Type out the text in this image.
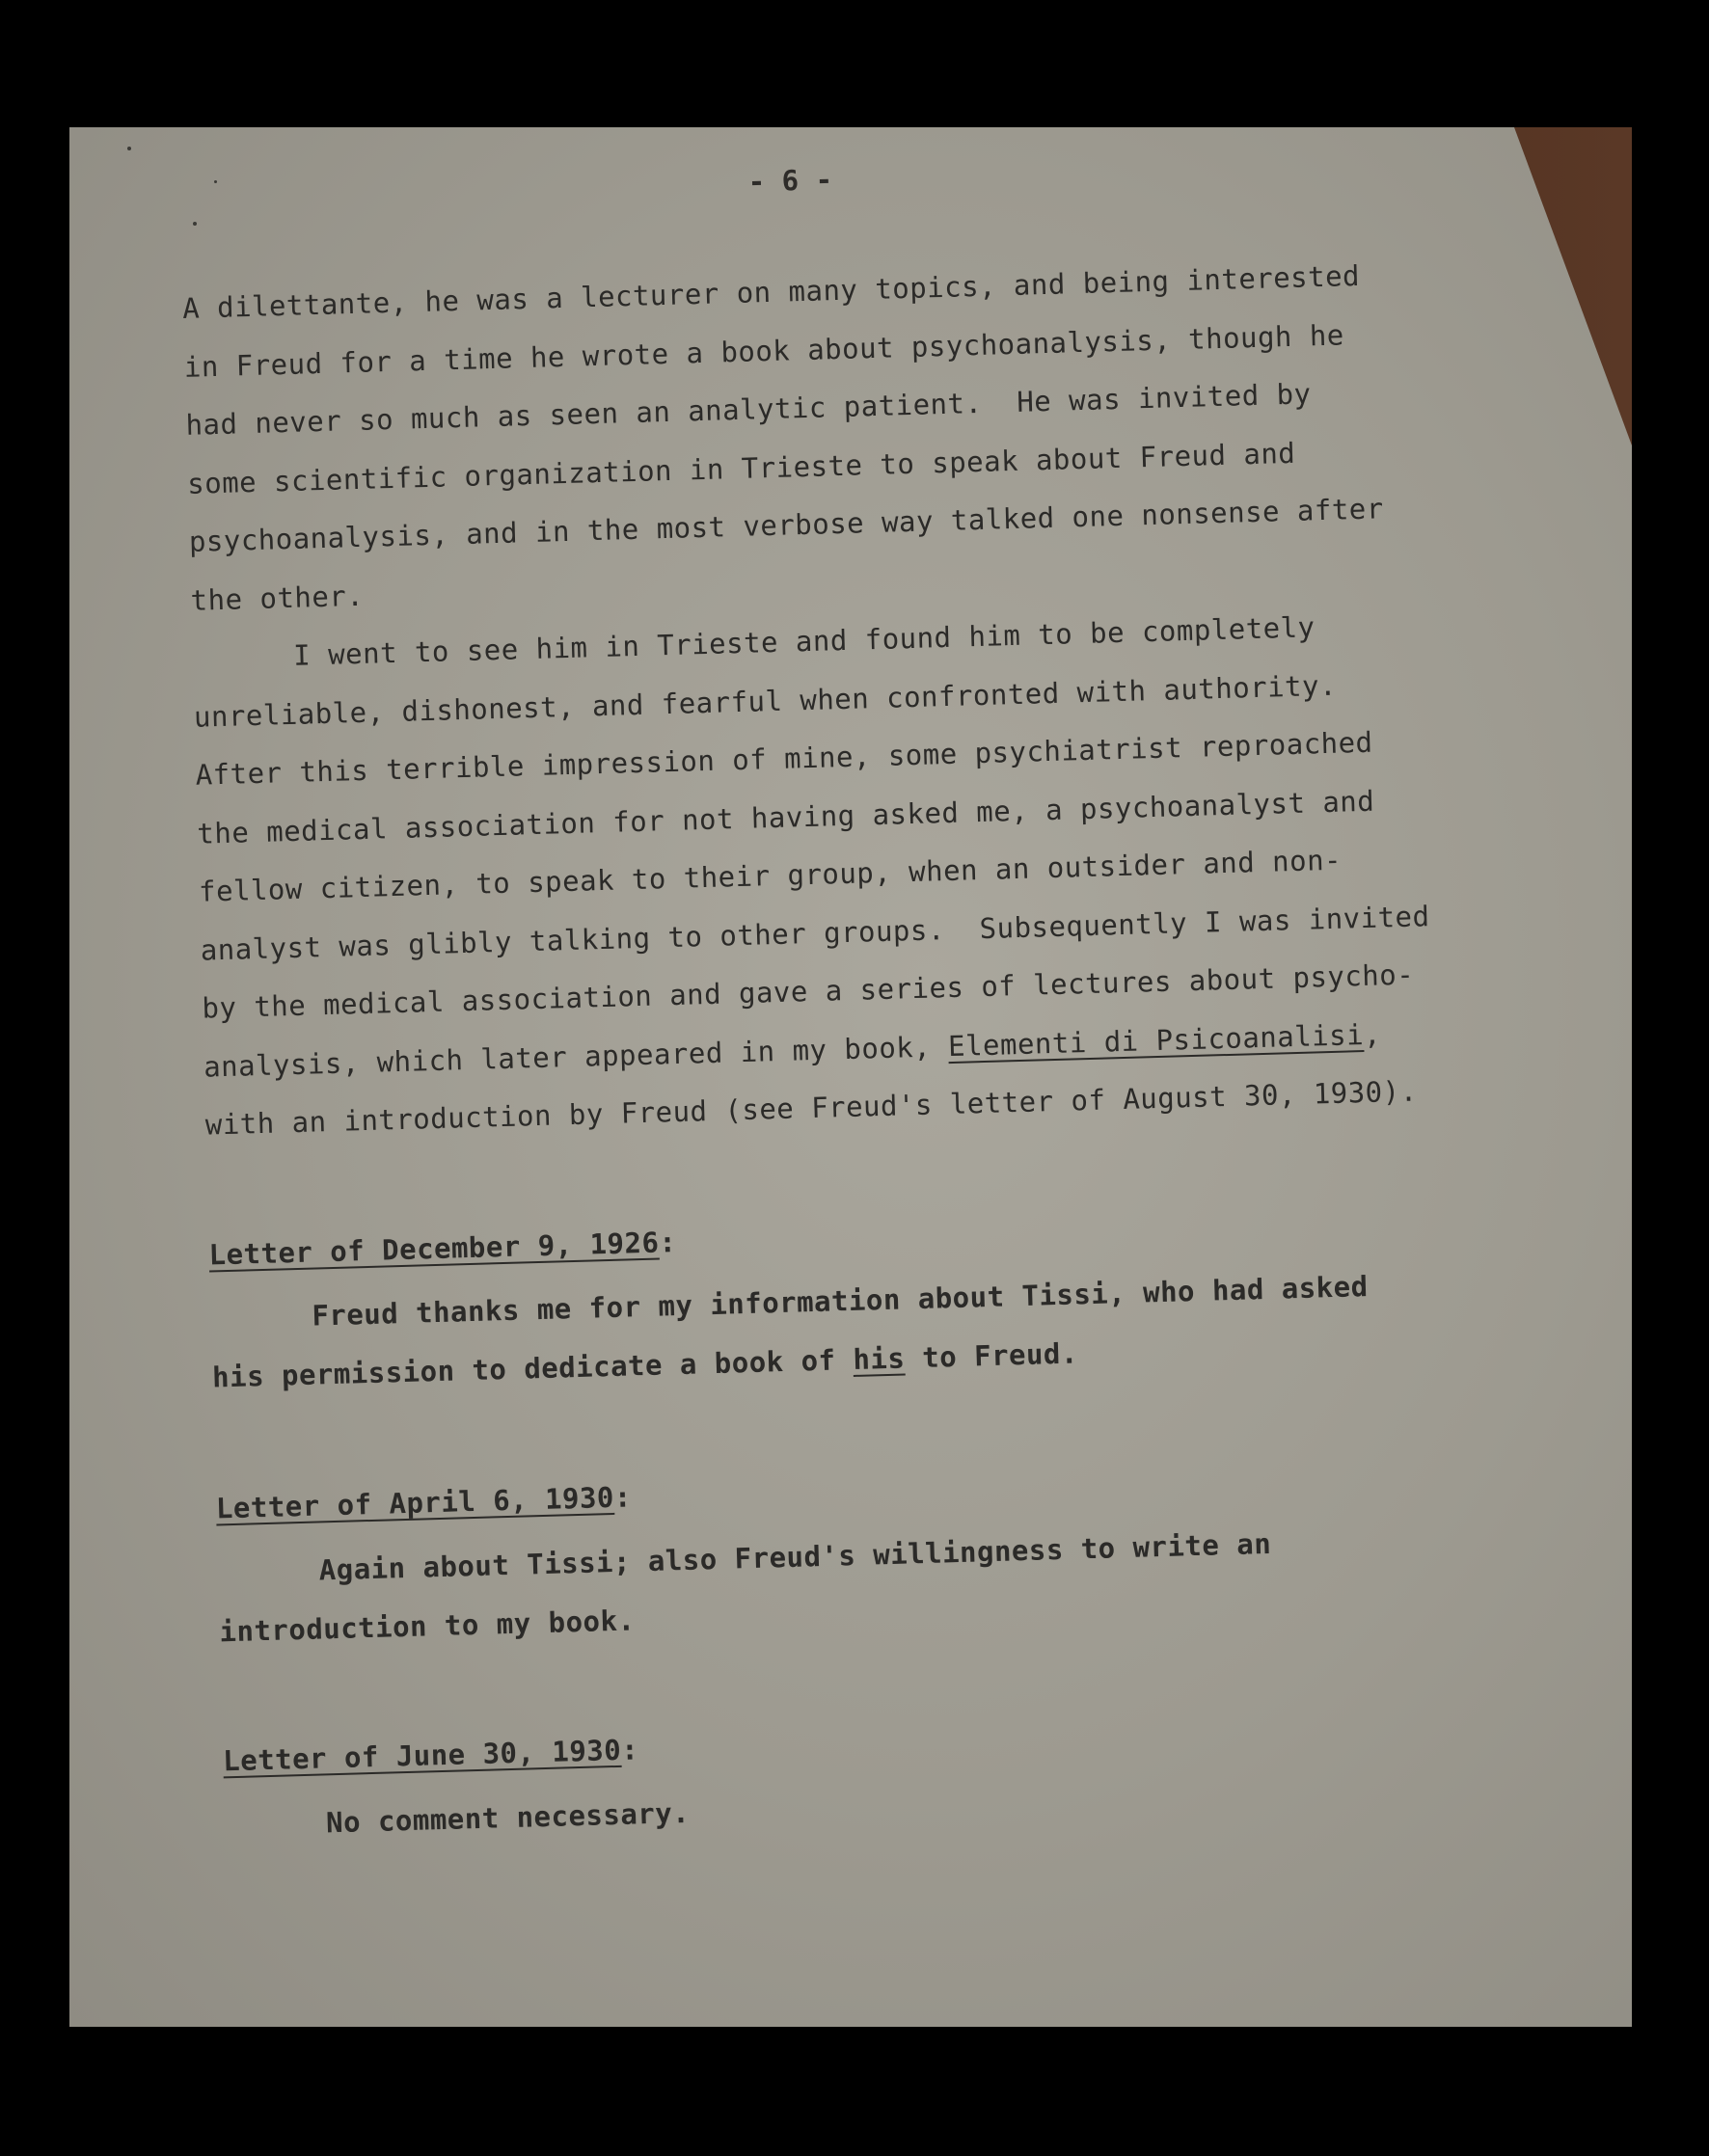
- 6 -
A dilettante, he was a lecturer on many topics, and being interested
in Freud for a time he wrote a book about psychoanalysis, though he
had never so much as seen an analytic patient.  He was invited by
some scientific organization in Trieste to speak about Freud and
psychoanalysis, and in the most verbose way talked one nonsense after
the other.
I went to see him in Trieste and found him to be completely
unreliable, dishonest, and fearful when confronted with authority.
After this terrible impression of mine, some psychiatrist reproached
the medical association for not having asked me, a psychoanalyst and
fellow citizen, to speak to their group, when an outsider and non-
analyst was glibly talking to other groups.  Subsequently I was invited
by the medical association and gave a series of lectures about psycho-
analysis, which later appeared in my book, Elementi di Psicoanalisi,
with an introduction by Freud (see Freud's letter of August 30, 1930).
Letter of December 9, 1926:
Freud thanks me for my information about Tissi, who had asked
his permission to dedicate a book of his to Freud.
Letter of April 6, 1930:
Again about Tissi; also Freud's willingness to write an
introduction to my book.
Letter of June 30, 1930:
No comment necessary.
